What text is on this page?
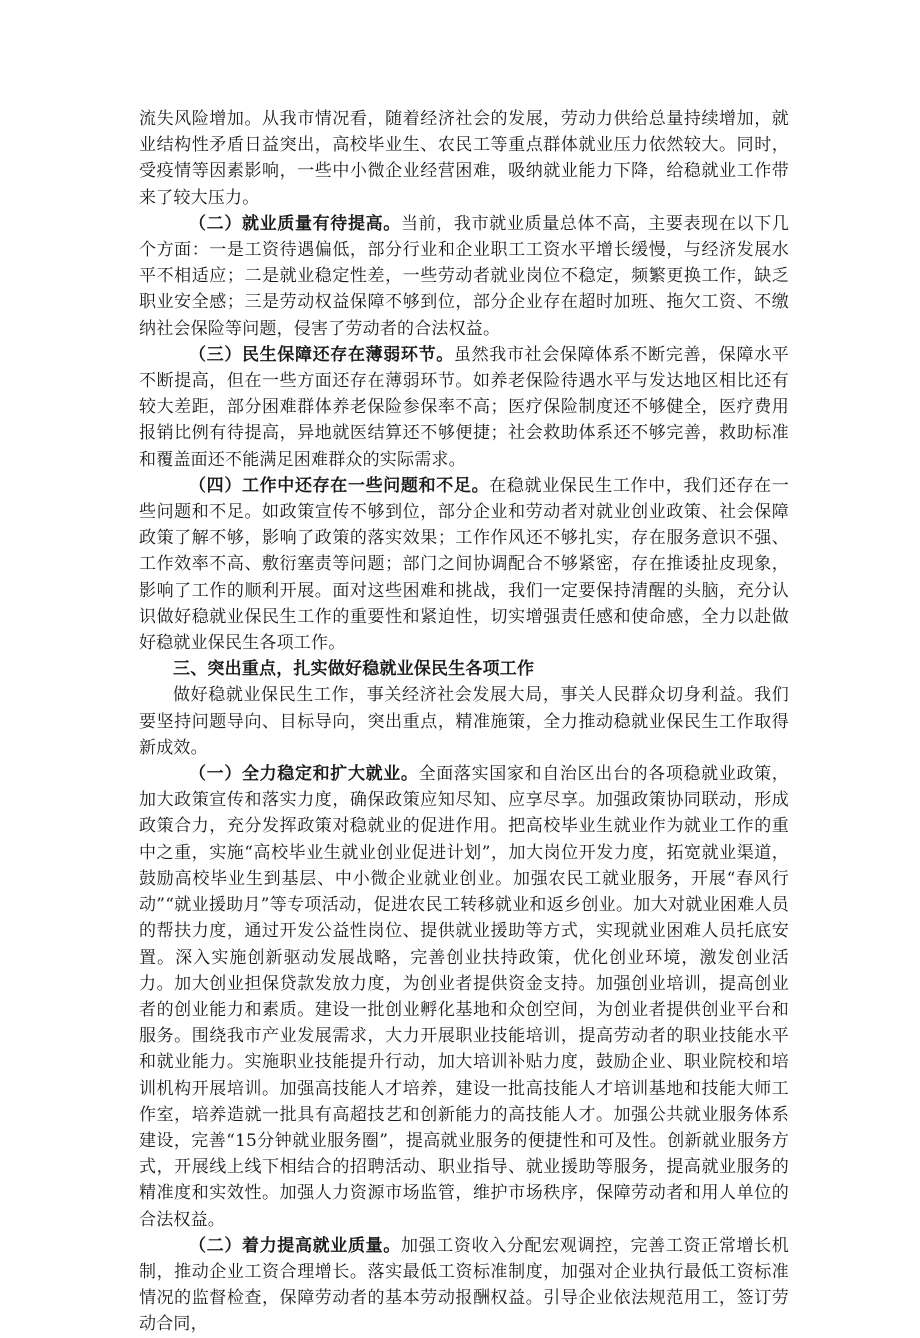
流失风险增加。从我市情况看，随着经济社会的发展，劳动力供给总量持续增加，就业结构性矛盾日益突出，高校毕业生、农民工等重点群体就业压力依然较大。同时，受疫情等因素影响，一些中小微企业经营困难，吸纳就业能力下降，给稳就业工作带来了较大压力。

（二）就业质量有待提高。当前，我市就业质量总体不高，主要表现在以下几个方面：一是工资待遇偏低，部分行业和企业职工工资水平增长缓慢，与经济发展水平不相适应；二是就业稳定性差，一些劳动者就业岗位不稳定，频繁更换工作，缺乏职业安全感；三是劳动权益保障不够到位，部分企业存在超时加班、拖欠工资、不缴纳社会保险等问题，侵害了劳动者的合法权益。

（三）民生保障还存在薄弱环节。虽然我市社会保障体系不断完善，保障水平不断提高，但在一些方面还存在薄弱环节。如养老保险待遇水平与发达地区相比还有较大差距，部分困难群体养老保险参保率不高；医疗保险制度还不够健全，医疗费用报销比例有待提高，异地就医结算还不够便捷；社会救助体系还不够完善，救助标准和覆盖面还不能满足困难群众的实际需求。

（四）工作中还存在一些问题和不足。在稳就业保民生工作中，我们还存在一些问题和不足。如政策宣传不够到位，部分企业和劳动者对就业创业政策、社会保障政策了解不够，影响了政策的落实效果；工作作风还不够扎实，存在服务意识不强、工作效率不高、敷衍塞责等问题；部门之间协调配合不够紧密，存在推诿扯皮现象，影响了工作的顺利开展。面对这些困难和挑战，我们一定要保持清醒的头脑，充分认识做好稳就业保民生工作的重要性和紧迫性，切实增强责任感和使命感，全力以赴做好稳就业保民生各项工作。

三、突出重点，扎实做好稳就业保民生各项工作

做好稳就业保民生工作，事关经济社会发展大局，事关人民群众切身利益。我们要坚持问题导向、目标导向，突出重点，精准施策，全力推动稳就业保民生工作取得新成效。

（一）全力稳定和扩大就业。全面落实国家和自治区出台的各项稳就业政策，加大政策宣传和落实力度，确保政策应知尽知、应享尽享。加强政策协同联动，形成政策合力，充分发挥政策对稳就业的促进作用。把高校毕业生就业作为就业工作的重中之重，实施“高校毕业生就业创业促进计划”，加大岗位开发力度，拓宽就业渠道，鼓励高校毕业生到基层、中小微企业就业创业。加强农民工就业服务，开展“春风行动”“就业援助月”等专项活动，促进农民工转移就业和返乡创业。加大对就业困难人员的帮扶力度，通过开发公益性岗位、提供就业援助等方式，实现就业困难人员托底安置。深入实施创新驱动发展战略，完善创业扶持政策，优化创业环境，激发创业活力。加大创业担保贷款发放力度，为创业者提供资金支持。加强创业培训，提高创业者的创业能力和素质。建设一批创业孵化基地和众创空间，为创业者提供创业平台和服务。围绕我市产业发展需求，大力开展职业技能培训，提高劳动者的职业技能水平和就业能力。实施职业技能提升行动，加大培训补贴力度，鼓励企业、职业院校和培训机构开展培训。加强高技能人才培养，建设一批高技能人才培训基地和技能大师工作室，培养造就一批具有高超技艺和创新能力的高技能人才。加强公共就业服务体系建设，完善“15分钟就业服务圈”，提高就业服务的便捷性和可及性。创新就业服务方式，开展线上线下相结合的招聘活动、职业指导、就业援助等服务，提高就业服务的精准度和实效性。加强人力资源市场监管，维护市场秩序，保障劳动者和用人单位的合法权益。

（二）着力提高就业质量。加强工资收入分配宏观调控，完善工资正常增长机制，推动企业工资合理增长。落实最低工资标准制度，加强对企业执行最低工资标准情况的监督检查，保障劳动者的基本劳动报酬权益。引导企业依法规范用工，签订劳动合同，
